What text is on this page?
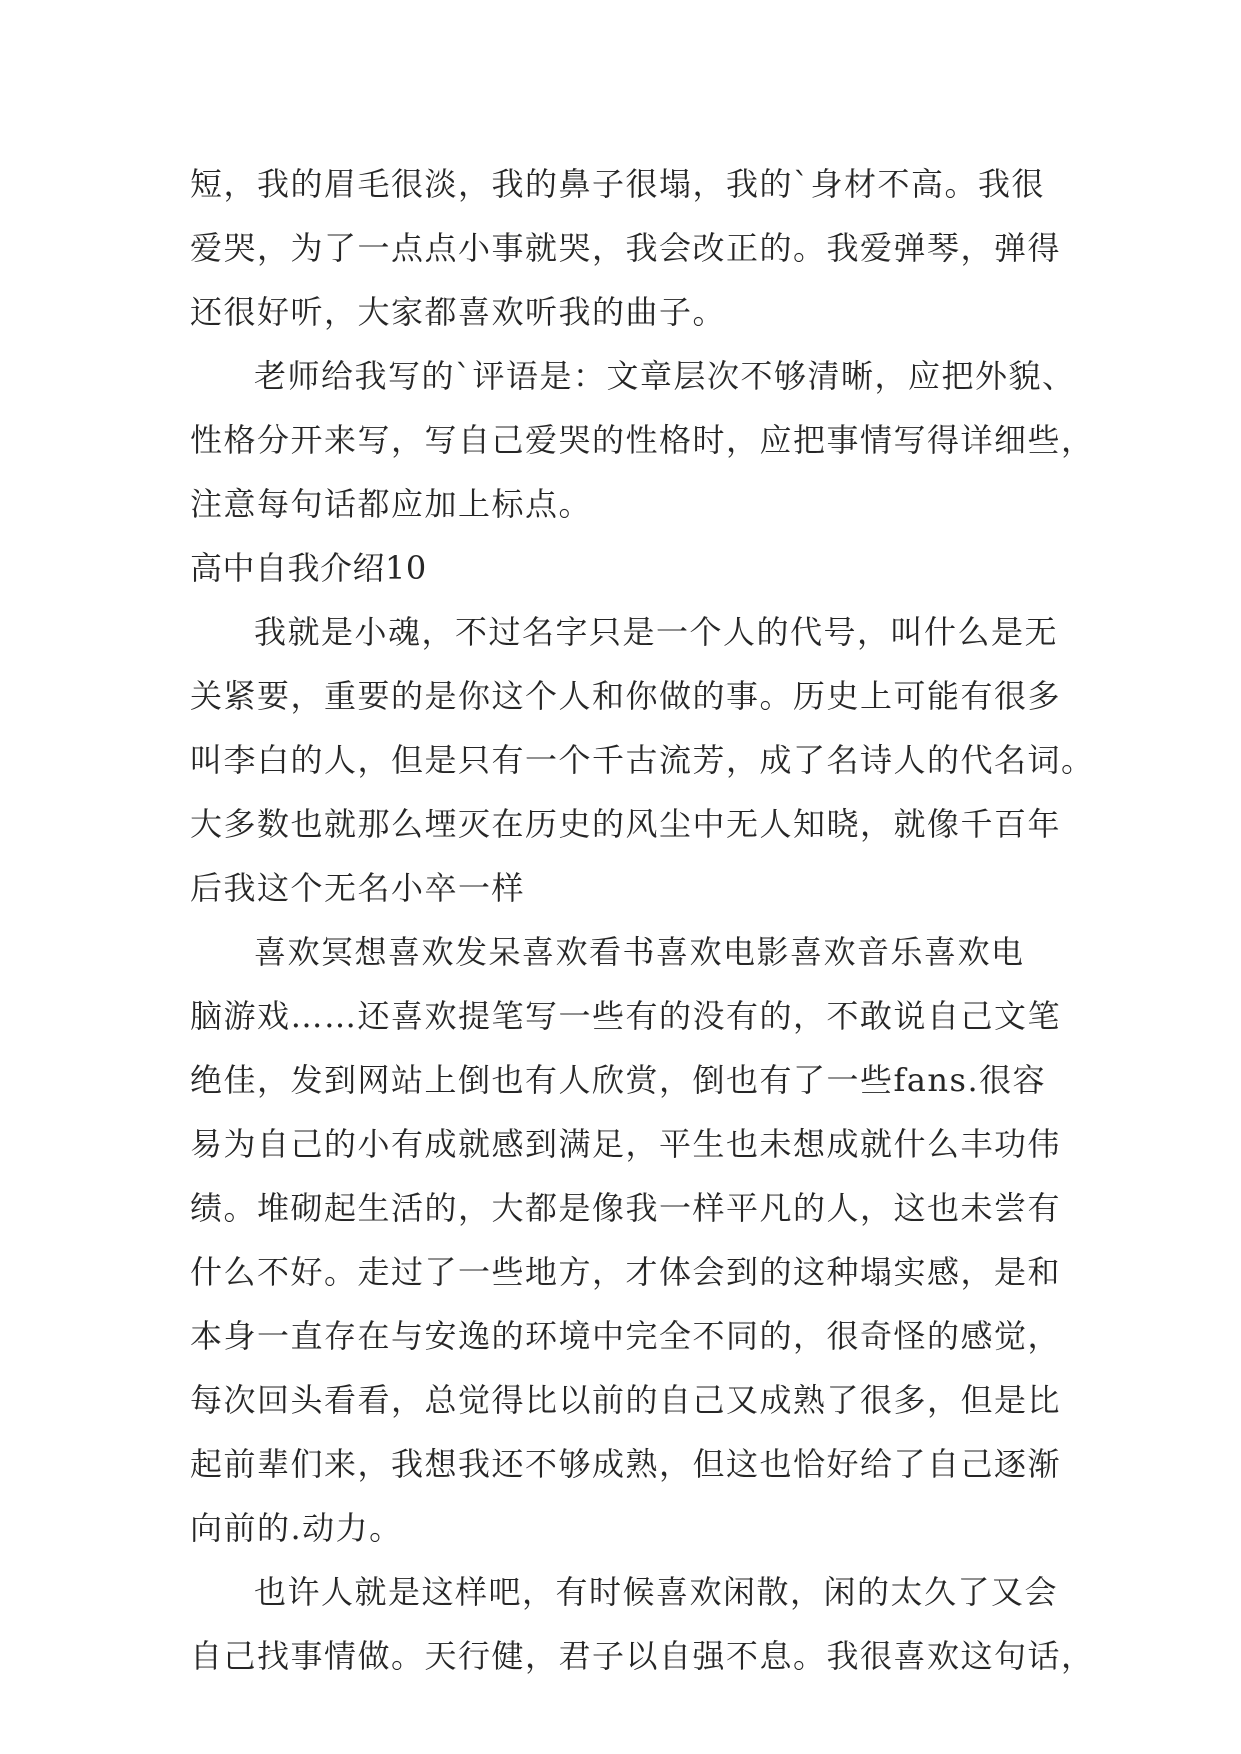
短，我的眉毛很淡，我的鼻子很塌，我的`身材不高。我很
爱哭，为了一点点小事就哭，我会改正的。我爱弹琴，弹得
还很好听，大家都喜欢听我的曲子。
老师给我写的`评语是：文章层次不够清晰，应把外貌、
性格分开来写，写自己爱哭的性格时，应把事情写得详细些，
注意每句话都应加上标点。
高中自我介绍10
我就是小魂，不过名字只是一个人的代号，叫什么是无
关紧要，重要的是你这个人和你做的事。历史上可能有很多
叫李白的人，但是只有一个千古流芳，成了名诗人的代名词。
大多数也就那么堙灭在历史的风尘中无人知晓，就像千百年
后我这个无名小卒一样
喜欢冥想喜欢发呆喜欢看书喜欢电影喜欢音乐喜欢电
脑游戏……还喜欢提笔写一些有的没有的，不敢说自己文笔
绝佳，发到网站上倒也有人欣赏，倒也有了一些fans.很容
易为自己的小有成就感到满足，平生也未想成就什么丰功伟
绩。堆砌起生活的，大都是像我一样平凡的人，这也未尝有
什么不好。走过了一些地方，才体会到的这种塌实感，是和
本身一直存在与安逸的环境中完全不同的，很奇怪的感觉，
每次回头看看，总觉得比以前的自己又成熟了很多，但是比
起前辈们来，我想我还不够成熟，但这也恰好给了自己逐渐
向前的.动力。
也许人就是这样吧，有时候喜欢闲散，闲的太久了又会
自己找事情做。天行健，君子以自强不息。我很喜欢这句话，
